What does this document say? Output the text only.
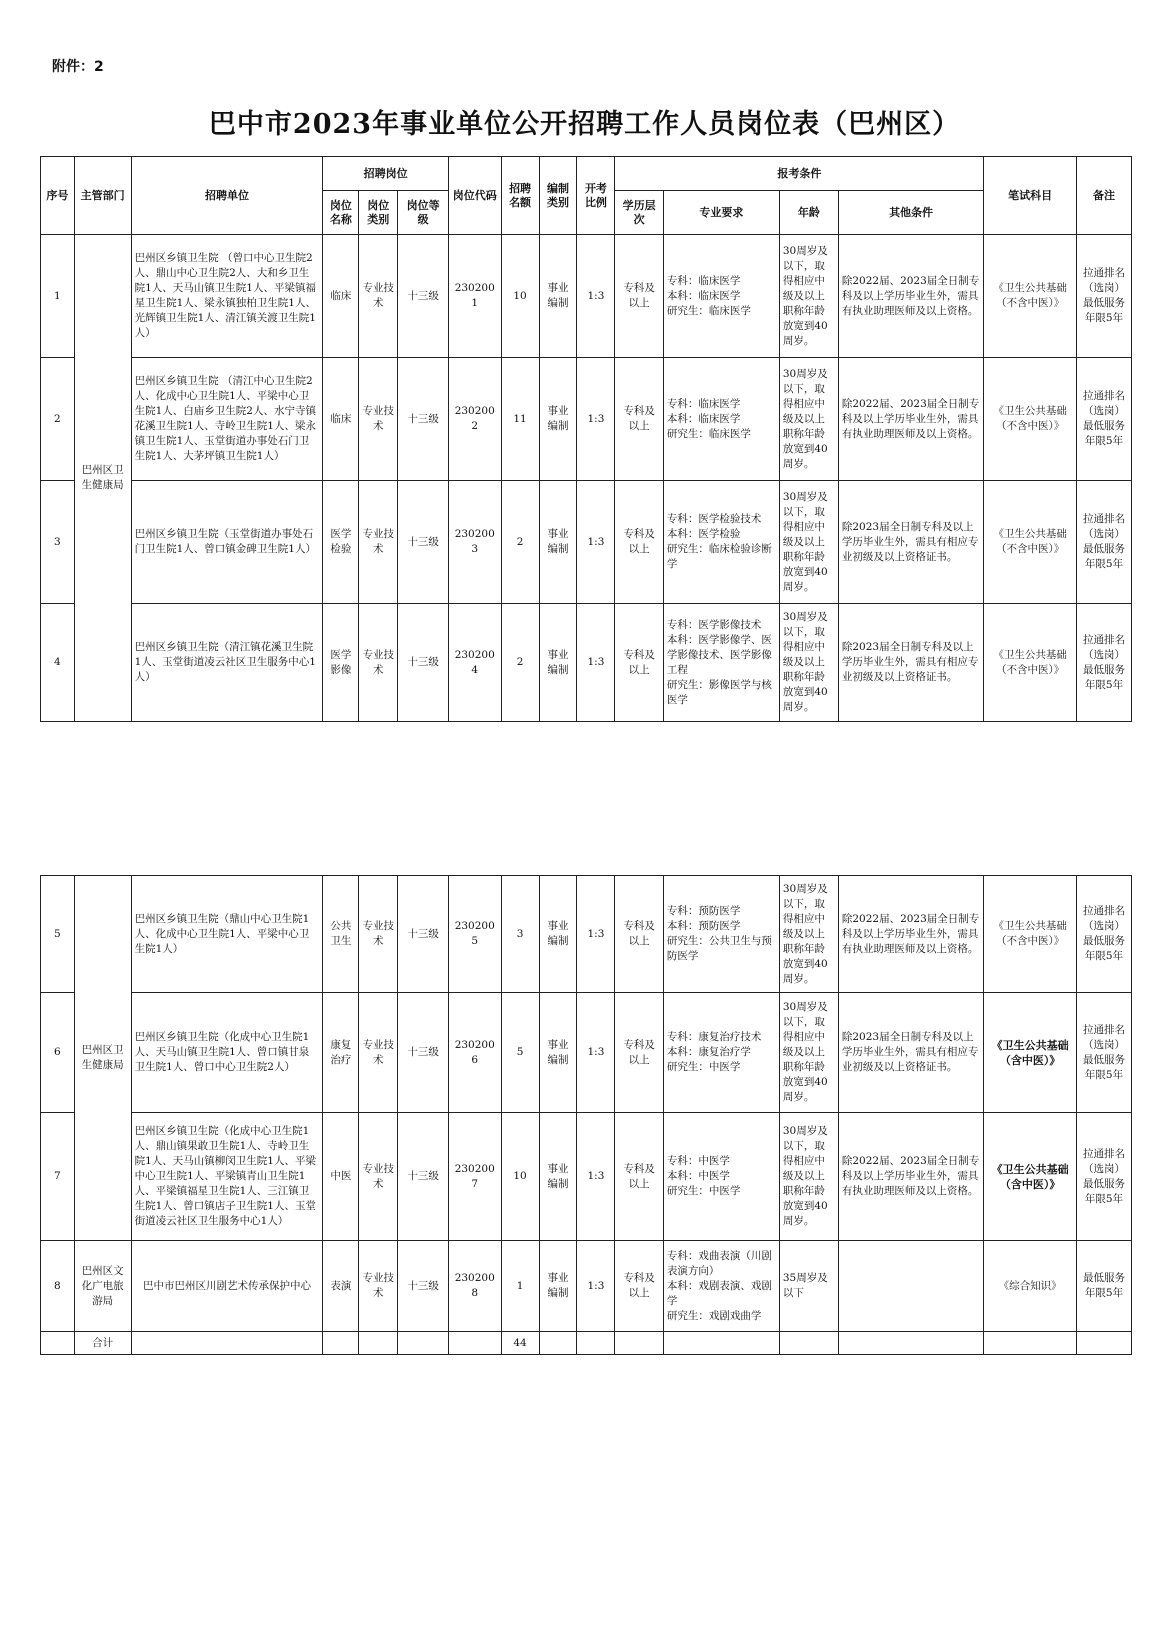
附件：2
巴中市2023年事业单位公开招聘工作人员岗位表（巴州区）
序号	主管部门	招聘单位	招聘岗位			岗位代码	招聘名额	编制类别	开考比例	报考条件				笔试科目	备注
			岗位名称	岗位类别	岗位等级					学历层次	专业要求	年龄	其他条件		
1	巴州区卫生健康局	巴州区乡镇卫生院 （曾口中心卫生院2人、鼎山中心卫生院2人、大和乡卫生院1人、天马山镇卫生院1人、平梁镇福星卫生院1人、梁永镇独柏卫生院1人、光辉镇卫生院1人、清江镇关渡卫生院1人）	临床	专业技术	十三级	2302001	10	事业编制	1:3	专科及以上	专科：临床医学
本科：临床医学
研究生：临床医学	30周岁及以下，取得相应中级及以上职称年龄放宽到40周岁。	除2022届、2023届全日制专科及以上学历毕业生外，需具有执业助理医师及以上资格。	《卫生公共基础（不含中医）》	拉通排名（选岗）最低服务年限5年
2		巴州区乡镇卫生院 （清江中心卫生院2人、化成中心卫生院1人、平梁中心卫生院1人、白庙乡卫生院2人、水宁寺镇花溪卫生院1人、寺岭卫生院1人、梁永镇卫生院1人、玉堂街道办事处石门卫生院1人、大茅坪镇卫生院1人）	临床	专业技术	十三级	2302002	11	事业编制	1:3	专科及以上	专科：临床医学
本科：临床医学
研究生：临床医学	30周岁及以下，取得相应中级及以上职称年龄放宽到40周岁。	除2022届、2023届全日制专科及以上学历毕业生外，需具有执业助理医师及以上资格。	《卫生公共基础（不含中医）》	拉通排名（选岗）最低服务年限5年
3		巴州区乡镇卫生院（玉堂街道办事处石门卫生院1人、曾口镇金碑卫生院1人）	医学检验	专业技术	十三级	2302003	2	事业编制	1:3	专科及以上	专科：医学检验技术
本科：医学检验
研究生：临床检验诊断学	30周岁及以下，取得相应中级及以上职称年龄放宽到40周岁。	除2023届全日制专科及以上学历毕业生外，需具有相应专业初级及以上资格证书。	《卫生公共基础（不含中医）》	拉通排名（选岗）最低服务年限5年
4		巴州区乡镇卫生院（清江镇花溪卫生院1人、玉堂街道凌云社区卫生服务中心1人）	医学影像	专业技术	十三级	2302004	2	事业编制	1:3	专科及以上	专科：医学影像技术
本科：医学影像学、医学影像技术、医学影像工程
研究生：影像医学与核医学	30周岁及以下，取得相应中级及以上职称年龄放宽到40周岁。	除2023届全日制专科及以上学历毕业生外，需具有相应专业初级及以上资格证书。	《卫生公共基础（不含中医）》	拉通排名（选岗）最低服务年限5年
5	巴州区卫生健康局	巴州区乡镇卫生院（鼎山中心卫生院1人、化成中心卫生院1人、平梁中心卫生院1人）	公共卫生	专业技术	十三级	2302005	3	事业编制	1:3	专科及以上	专科：预防医学
本科：预防医学
研究生：公共卫生与预防医学	30周岁及以下，取得相应中级及以上职称年龄放宽到40周岁。	除2022届、2023届全日制专科及以上学历毕业生外，需具有执业助理医师及以上资格。	《卫生公共基础（不含中医）》	拉通排名（选岗）最低服务年限5年
6		巴州区乡镇卫生院（化成中心卫生院1人、天马山镇卫生院1人、曾口镇甘泉卫生院1人、曾口中心卫生院2人）	康复治疗	专业技术	十三级	2302006	5	事业编制	1:3	专科及以上	专科：康复治疗技术
本科：康复治疗学
研究生：中医学	30周岁及以下，取得相应中级及以上职称年龄放宽到40周岁。	除2023届全日制专科及以上学历毕业生外，需具有相应专业初级及以上资格证书。	《卫生公共基础（含中医）》	拉通排名（选岗）最低服务年限5年
7		巴州区乡镇卫生院（化成中心卫生院1人、鼎山镇果敢卫生院1人、寺岭卫生院1人、天马山镇柳闵卫生院1人、平梁中心卫生院1人、平梁镇青山卫生院1人、平梁镇福星卫生院1人、三江镇卫生院1人、曾口镇店子卫生院1人、玉堂街道凌云社区卫生服务中心1人）	中医	专业技术	十三级	2302007	10	事业编制	1:3	专科及以上	专科：中医学
本科：中医学
研究生：中医学	30周岁及以下，取得相应中级及以上职称年龄放宽到40周岁。	除2022届、2023届全日制专科及以上学历毕业生外，需具有执业助理医师及以上资格。	《卫生公共基础（含中医）》	拉通排名（选岗）最低服务年限5年
8	巴州区文化广电旅游局	巴中市巴州区川剧艺术传承保护中心	表演	专业技术	十三级	2302008	1	事业编制	1:3	专科及以上	专科：戏曲表演（川剧表演方向）
本科：戏剧表演、戏剧学
研究生：戏剧戏曲学	35周岁及以下		《综合知识》	最低服务年限5年
	合计						44								
